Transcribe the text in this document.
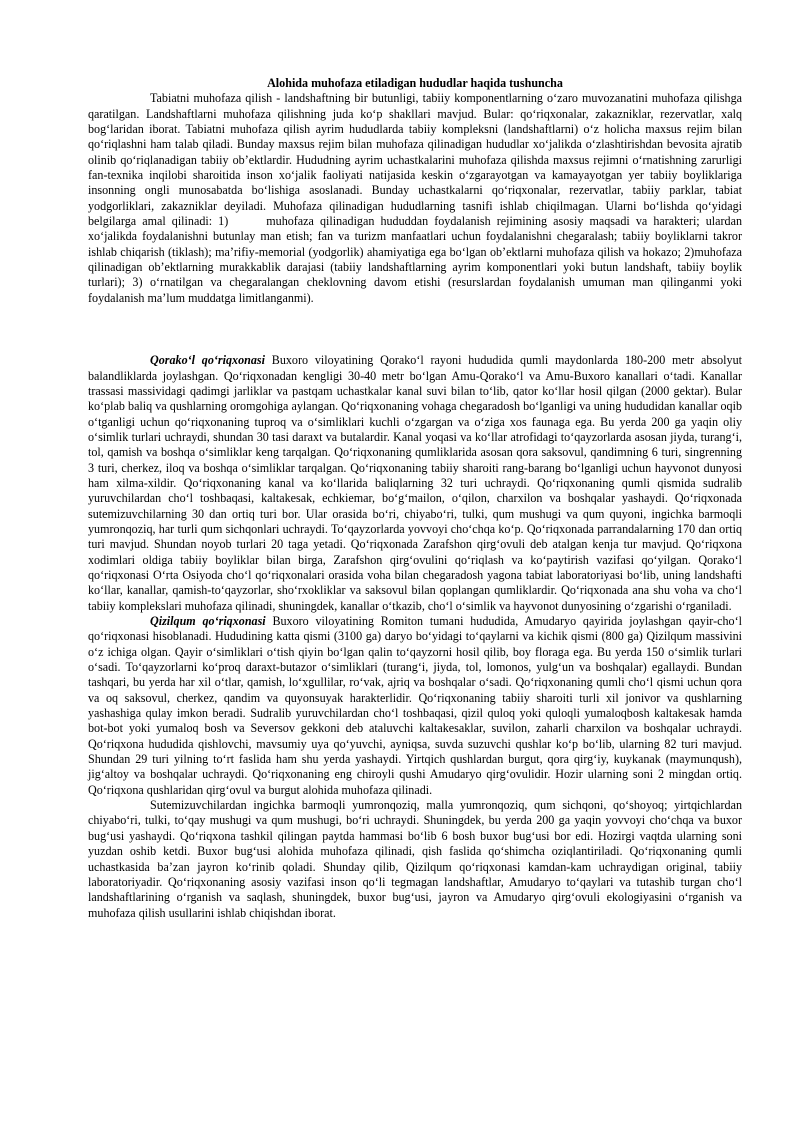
Alohida muhofaza etiladigan hududlar haqida tushuncha

Tabiatni muhofaza qilish - landshaftning bir butunligi, tabiiy komponentlarning oʻzaro muvozanatini muhofaza qilishga qaratilgan. Landshaftlarni muhofaza qilishning juda koʻp shakllari mavjud. Bular: qoʻriqxonalar, zakazniklar, rezervatlar, xalq bogʻlaridan iborat. Tabiatni muhofaza qilish ayrim hududlarda tabiiy kompleksni (landshaftlarni) oʻz holicha maxsus rejim bilan qoʻriqlashni ham talab qiladi. Bunday maxsus rejim bilan muhofaza qilinadigan hududlar xoʻjalikda oʻzlashtirishdan bevosita ajratib olinib qoʻriqlanadigan tabiiy obʼektlardir. Hududning ayrim uchastkalarini muhofaza qilishda maxsus rejimni oʻrnatishning zarurligi fan-texnika inqilobi sharoitida inson xoʻjalik faoliyati natijasida keskin oʻzgarayotgan va kamayayotgan yer tabiiy boyliklariga insonning ongli munosabatda boʻlishiga asoslanadi. Bunday uchastkalarni qoʻriqxonalar, rezervatlar, tabiiy parklar, tabiat yodgorliklari, zakazniklar deyiladi. Muhofaza qilinadigan hududlarning tasnifi ishlab chiqilmagan. Ularni boʻlishda qoʻyidagi belgilarga amal qilinadi: 1)	muhofaza qilinadigan hududdan foydalanish rejimining asosiy maqsadi va harakteri; ulardan xoʻjalikda foydalanishni butunlay man etish; fan va turizm manfaatlari uchun foydalanishni chegaralash; tabiiy boyliklarni takror ishlab chiqarish (tiklash); maʼrifiy-memorial (yodgorlik) ahamiyatiga ega boʻlgan obʼektlarni muhofaza qilish va hokazo; 2)muhofaza qilinadigan obʼektlarning murakkablik darajasi (tabiiy landshaftlarning ayrim komponentlari yoki butun landshaft, tabiiy boylik turlari); 3) oʻrnatilgan va chegaralangan cheklovning davom etishi (resurslardan foydalanish umuman man qilinganmi yoki foydalanish maʼlum muddatga limitlanganmi).

Qorakoʻl qoʻriqxonasi Buxoro viloyatining Qorakoʻl rayoni hududida qumli maydonlarda 180-200 metr absolyut balandliklarda joylashgan. Qoʻriqxonadan kengligi 30-40 metr boʻlgan Amu-Qorakoʻl va Amu-Buxoro kanallari oʻtadi. Kanallar trassasi massividagi qadimgi jarliklar va pastqam uchastkalar kanal suvi bilan toʻlib, qator koʻllar hosil qilgan (2000 gektar). Bular koʻplab baliq va qushlarning oromgohiga aylangan. Qoʻriqxonaning vohaga chegaradosh boʻlganligi va uning hududidan kanallar oqib oʻtganligi uchun qoʻriqxonaning tuproq va oʻsimliklari kuchli oʻzgargan va oʻziga xos faunaga ega. Bu yerda 200 ga yaqin oliy oʻsimlik turlari uchraydi, shundan 30 tasi daraxt va butalardir. Kanal yoqasi va koʻllar atrofidagi toʻqayzorlarda asosan jiyda, turangʻi, tol, qamish va boshqa oʻsimliklar keng tarqalgan. Qoʻriqxonaning qumliklarida asosan qora saksovul, qandimning 6 turi, singrenning 3 turi, cherkez, iloq va boshqa oʻsimliklar tarqalgan. Qoʻriqxonaning tabiiy sharoiti rang-barang boʻlganligi uchun hayvonot dunyosi ham xilma-xildir. Qoʻriqxonaning kanal va koʻllarida baliqlarning 32 turi uchraydi. Qoʻriqxonaning qumli qismida sudralib yuruvchilardan choʻl toshbaqasi, kaltakesak, echkiemar, boʻgʻmailon, oʻqilon, charxilon va boshqalar yashaydi. Qoʻriqxonada sutemizuvchilarning 30 dan ortiq turi bor. Ular orasida boʻri, chiyaboʻri, tulki, qum mushugi va qum quyoni, ingichka barmoqli yumronqoziq, har turli qum sichqonlari uchraydi. Toʻqayzorlarda yovvoyi choʻchqa koʻp. Qoʻriqxonada parrandalarning 170 dan ortiq turi mavjud. Shundan noyob turlari 20 taga yetadi. Qoʻriqxonada Zarafshon qirgʻovuli deb atalgan kenja tur mavjud. Qoʻriqxona xodimlari oldiga tabiiy boyliklar bilan birga, Zarafshon qirgʻovulini qoʻriqlash va koʻpaytirish vazifasi qoʻyilgan. Qorakoʻl qoʻriqxonasi Oʻrta Osiyoda choʻl qoʻriqxonalari orasida voha bilan chegaradosh yagona tabiat laboratoriyasi boʻlib, uning landshafti koʻllar, kanallar, qamish-toʻqayzorlar, shoʻrxokliklar va saksovul bilan qoplangan qumliklardir. Qoʻriqxonada ana shu voha va choʻl tabiiy komplekslari muhofaza qilinadi, shuningdek, kanallar oʻtkazib, choʻl oʻsimlik va hayvonot dunyosining oʻzgarishi oʻrganiladi.

Qizilqum qoʻriqxonasi Buxoro viloyatining Romiton tumani hududida, Amudaryo qayirida joylashgan qayir-choʻl qoʻriqxonasi hisoblanadi. Hududining katta qismi (3100 ga) daryo boʻyidagi toʻqaylarni va kichik qismi (800 ga) Qizilqum massivini oʻz ichiga olgan. Qayir oʻsimliklari oʻtish qiyin boʻlgan qalin toʻqayzorni hosil qilib, boy floraga ega. Bu yerda 150 oʻsimlik turlari oʻsadi. Toʻqayzorlarni koʻproq daraxt-butazor oʻsimliklari (turangʻi, jiyda, tol, lomonos, yulgʻun va boshqalar) egallaydi. Bundan tashqari, bu yerda har xil oʻtlar, qamish, loʻxgullilar, roʻvak, ajriq va boshqalar oʻsadi. Qoʻriqxonaning qumli choʻl qismi uchun qora va oq saksovul, cherkez, qandim va quyonsuyak harakterlidir. Qoʻriqxonaning tabiiy sharoiti turli xil jonivor va qushlarning yashashiga qulay imkon beradi. Sudralib yuruvchilardan choʻl toshbaqasi, qizil quloq yoki quloqli yumaloqbosh kaltakesak hamda bot-bot yoki yumaloq bosh va Seversov gekkoni deb ataluvchi kaltakesaklar, suvilon, zaharli charxilon va boshqalar uchraydi. Qoʻriqxona hududida qishlovchi, mavsumiy uya qoʻyuvchi, ayniqsa, suvda suzuvchi qushlar koʻp boʻlib, ularning 82 turi mavjud. Shundan 29 turi yilning toʻrt faslida ham shu yerda yashaydi. Yirtqich qushlardan burgut, qora qirgʻiy, kuykanak (maymunqush), jigʻaltoy va boshqalar uchraydi. Qoʻriqxonaning eng chiroyli qushi Amudaryo qirgʻovulidir. Hozir ularning soni 2 mingdan ortiq. Qoʻriqxona qushlaridan qirgʻovul va burgut alohida muhofaza qilinadi.

Sutemizuvchilardan ingichka barmoqli yumronqoziq, malla yumronqoziq, qum sichqoni, qoʻshoyoq; yirtqichlardan chiyaboʻri, tulki, toʻqay mushugi va qum mushugi, boʻri uchraydi. Shuningdek, bu yerda 200 ga yaqin yovvoyi choʻchqa va buxor bugʻusi yashaydi. Qoʻriqxona tashkil qilingan paytda hammasi boʻlib 6 bosh buxor bugʻusi bor edi. Hozirgi vaqtda ularning soni yuzdan oshib ketdi. Buxor bugʻusi alohida muhofaza qilinadi, qish faslida qoʻshimcha oziqlantiriladi. Qoʻriqxonaning qumli uchastkasida baʼzan jayron koʻrinib qoladi. Shunday qilib, Qizilqum qoʻriqxonasi kamdan-kam uchraydigan original, tabiiy laboratoriyadir. Qoʻriqxonaning asosiy vazifasi inson qoʻli tegmagan landshaftlar, Amudaryo toʻqaylari va tutashib turgan choʻl landshaftlarining oʻrganish va saqlash, shuningdek, buxor bugʻusi, jayron va Amudaryo qirgʻovuli ekologiyasini oʻrganish va muhofaza qilish usullarini ishlab chiqishdan iborat.
